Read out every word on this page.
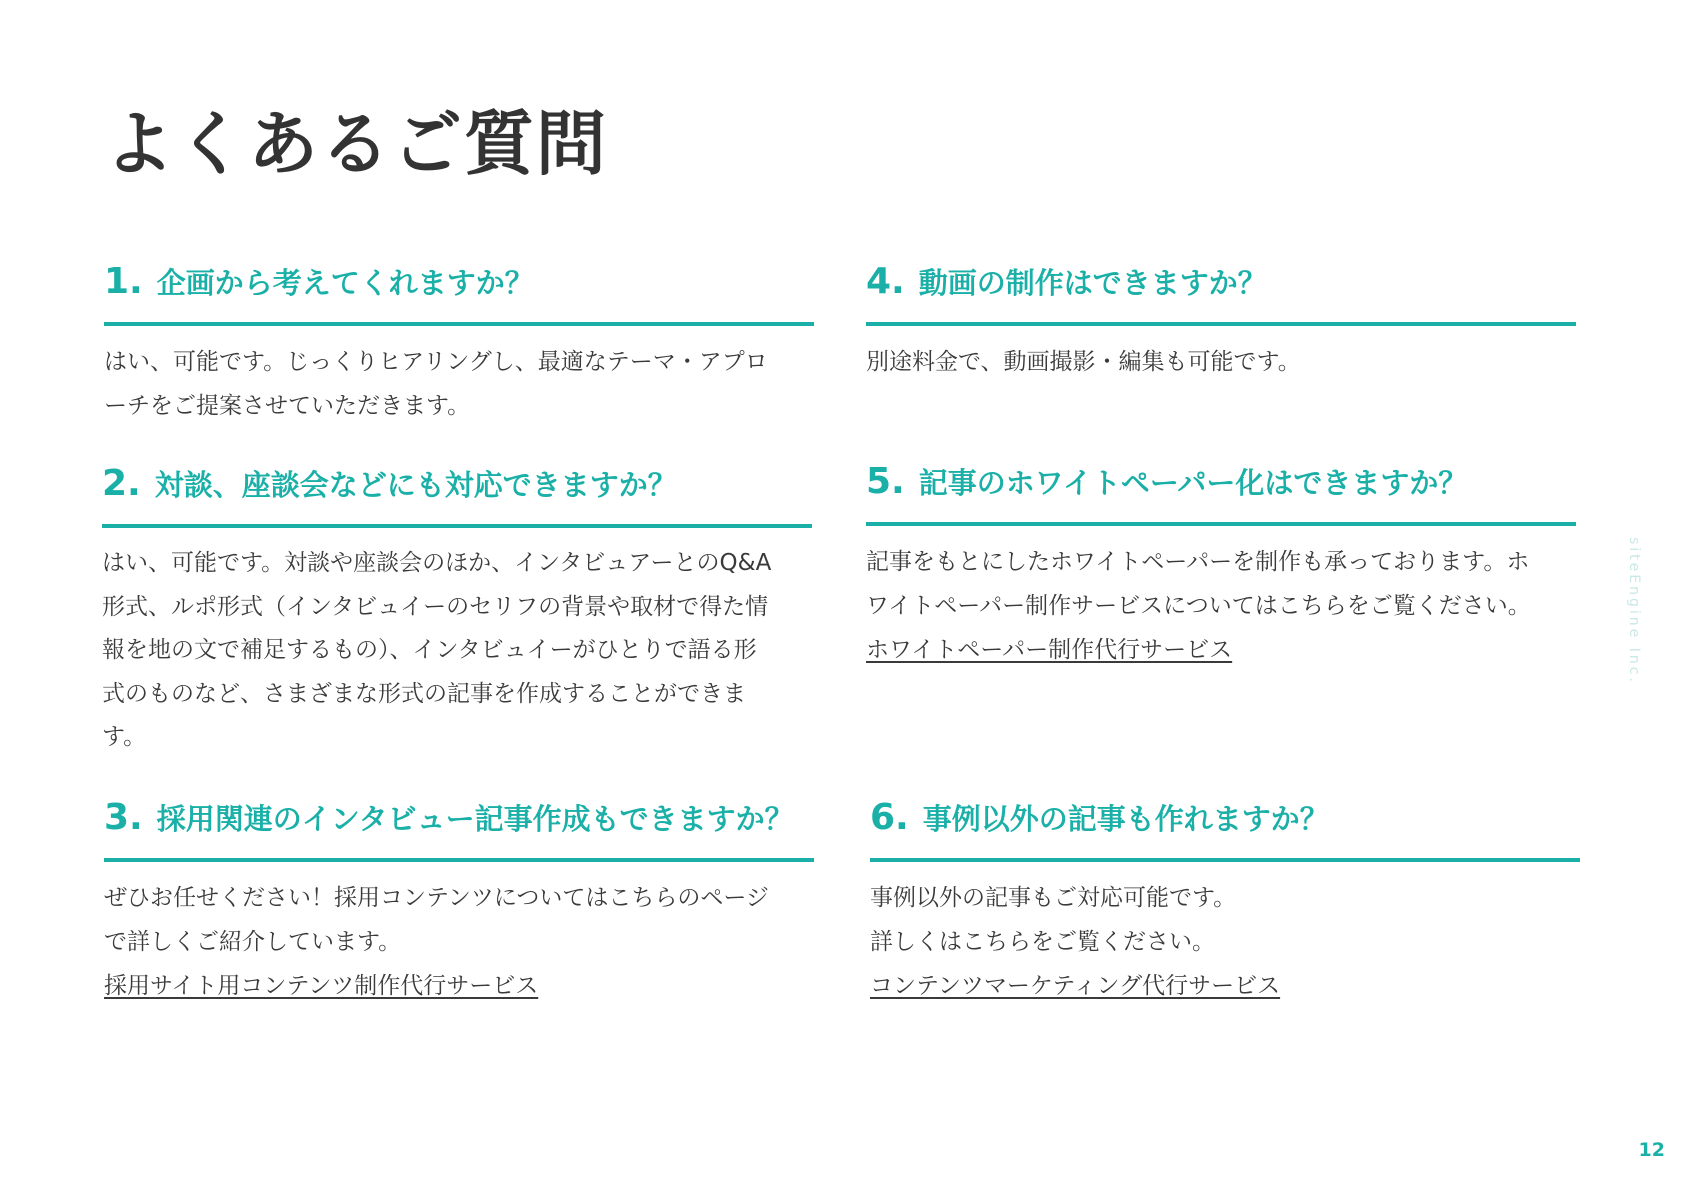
よくあるご質問
1. 企画から考えてくれますか？

はい、可能です。じっくりヒアリングし、最適なテーマ・アプロ

ーチをご提案させていただきます。

2. 対談、座談会などにも対応できますか？

はい、可能です。対談や座談会のほか、インタビュアーとのQ&A

形式、ルポ形式（インタビュイーのセリフの背景や取材で得た情

報を地の文で補足するもの）、インタビュイーがひとりで語る形

式のものなど、さまざまな形式の記事を作成することができま

す。

3. 採用関連のインタビュー記事作成もできますか？

ぜひお任せください！採用コンテンツについてはこちらのページ

で詳しくご紹介しています。

採用サイト用コンテンツ制作代行サービス
4. 動画の制作はできますか？

別途料金で、動画撮影・編集も可能です。

5. 記事のホワイトペーパー化はできますか？

記事をもとにしたホワイトペーパーを制作も承っております。ホ

ワイトペーパー制作サービスについてはこちらをご覧ください。

ホワイトペーパー制作代行サービス
6. 事例以外の記事も作れますか？

事例以外の記事もご対応可能です。

詳しくはこちらをご覧ください。

コンテンツマーケティング代行サービス
siteEngine Inc.
12
